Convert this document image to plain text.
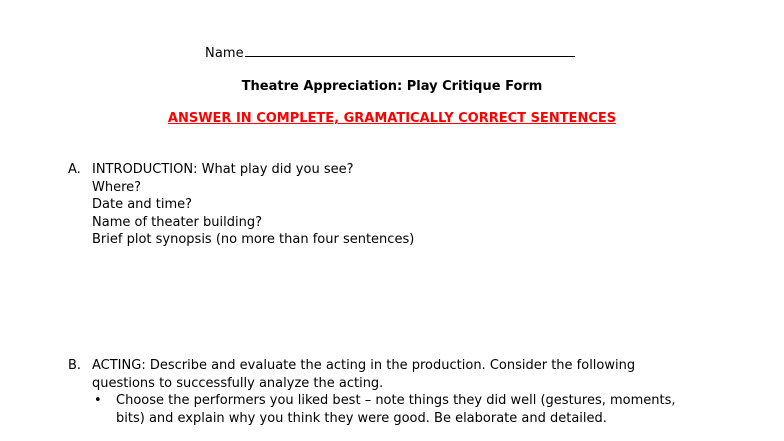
Name
Theatre Appreciation: Play Critique Form
ANSWER IN COMPLETE, GRAMATICALLY CORRECT SENTENCES
A. INTRODUCTION: What play did you see?
Where?
Date and time?
Name of theater building?
Brief plot synopsis (no more than four sentences)
B. ACTING: Describe and evaluate the acting in the production. Consider the following
questions to successfully analyze the acting.
• Choose the performers you liked best – note things they did well (gestures, moments,
bits) and explain why you think they were good. Be elaborate and detailed.
